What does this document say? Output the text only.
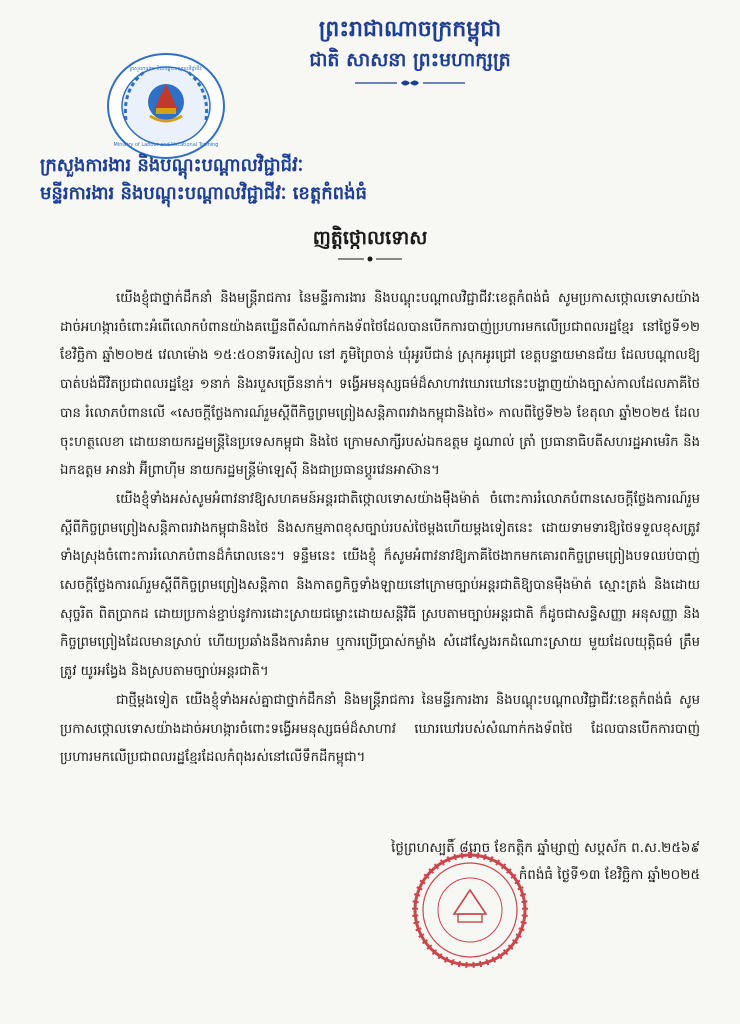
ព្រះរាជាណាចក្រកម្ពុជា
ជាតិ សាសនា ព្រះមហាក្សត្រ
Ministry of Labour and Vocational Training
ក្រសួងការងារ និងបណ្តុះបណ្តាលវិជ្ជាជីវៈ
ក្រសួងការងារ និងបណ្តុះបណ្តាលវិជ្ជាជីវៈ
មន្ទីរការងារ និងបណ្តុះបណ្តាលវិជ្ជាជីវៈ ខេត្តកំពង់ធំ
ញត្តិថ្កោលទោស

យើងខ្ញុំជាថ្នាក់ដឹកនាំ និងមន្ត្រីរាជការ នៃមន្ទីរការងារ និងបណ្តុះបណ្តាលវិជ្ជាជីវៈខេត្តកំពង់ធំ សូមប្រកាសថ្កោលទោសយ៉ាងដាច់អហង្ការចំពោះអំពើលោកបំពានយ៉ាងគឃ្លើនពីសំណាក់កងទ័ពថៃដែលបានបើកការបាញ់ប្រហារមកលើប្រជាពលរដ្ឋខ្មែរ នៅថ្ងៃទី១២ ខែវិច្ឆិកា ឆ្នាំ២០២៥ វេលាម៉ោង ១៥:៥០នាទីរសៀល នៅ ភូមិព្រៃចាន់ ឃុំអូរបីជាន់ ស្រុកអូរជ្រៅ ខេត្តបន្ទាយមានជ័យ ដែលបណ្តាលឱ្យបាត់បង់ជីវិតប្រជាពលរដ្ឋខ្មែរ ១នាក់ និងរបួសច្រើននាក់។ ទង្វើអមនុស្សធម៌ដ៏សាហាវឃោរឃៅនេះបង្ហាញយ៉ាងច្បាស់កាលដែលភាគីថៃបាន រំលោភបំពានលើ «សេចក្តីថ្លែងការណ៍រួមស្តីពីកិច្ចព្រមព្រៀងសន្តិភាពរវាងកម្ពុជានិងថៃ» កាលពីថ្ងៃទី២៦ ខែតុលា ឆ្នាំ២០២៥ ដែលចុះហត្ថលេខា ដោយនាយករដ្ឋមន្ត្រីនៃប្រទេសកម្ពុជា និងថៃ ក្រោមសាក្សីរបស់ឯកឧត្តម ដូណាល់ ត្រាំ ប្រធានាធិបតីសហរដ្ឋអាមេរិក និងឯកឧត្តម អានវ៉ា អ៊ីព្រាហ៊ីម នាយករដ្ឋមន្ត្រីម៉ាឡេស៊ី និងជាប្រធានប្តូរវេនអាស៊ាន។

យើងខ្ញុំទាំងអស់សូមអំពាវនាវឱ្យសហគមន៍អន្តរជាតិថ្កោលទោសយ៉ាងម៉ឺងម៉ាត់ ចំពោះការរំលោភបំពានសេចក្តីថ្លែងការណ៍រួមស្តីពីកិច្ចព្រមព្រៀងសន្តិភាពរវាងកម្ពុជានិងថៃ និងសកម្មភាពខុសច្បាប់របស់ថៃម្តងហើយម្តងទៀតនេះ ដោយទាមទារឱ្យថៃទទួលខុសត្រូវទាំងស្រុងចំពោះការរំលោភបំពានដ៏កំរោលនេះ។ ទន្ទឹមនេះ យើងខ្ញុំ ក៏សូមអំពាវនាវឱ្យភាគីថៃងាកមកគោរពកិច្ចព្រមព្រៀងបទឈប់បាញ់ សេចក្តីថ្លែងការណ៍រួមស្តីពីកិច្ចព្រមព្រៀងសន្តិភាព និងកាតព្វកិច្ចទាំងឡាយនៅក្រោមច្បាប់អន្តរជាតិឱ្យបានម៉ឺងម៉ាត់ ស្មោះត្រង់ និងដោយសុច្ចរិត ពិតប្រាកដ ដោយប្រកាន់ខ្ជាប់នូវការដោះស្រាយជម្លោះដោយសន្តិវិធី ស្របតាមច្បាប់អន្តរជាតិ ក៏ដូចជាសន្ធិសញ្ញា អនុសញ្ញា និងកិច្ចព្រមព្រៀងដែលមានស្រាប់ ហើយប្រឆាំងនឹងការគំរាម ឬការប្រើប្រាស់កម្លាំង សំដៅស្វែងរកដំណោះស្រាយ មួយដែលយុត្តិធម៌ ត្រឹមត្រូវ យូរអង្វែង និងស្របតាមច្បាប់អន្តរជាតិ។

ជាថ្មីម្តងទៀត យើងខ្ញុំទាំងអស់គ្នាជាថ្នាក់ដឹកនាំ និងមន្ត្រីរាជការ នៃមន្ទីរការងារ និងបណ្តុះបណ្តាលវិជ្ជាជីវៈខេត្តកំពង់ធំ សូមប្រកាសថ្កោលទោសយ៉ាងដាច់អហង្ការចំពោះទង្វើអមនុស្សធម៌ដ៏សាហាវ ឃោរឃៅរបស់សំណាក់កងទ័ពថៃ ដែលបានបើកការបាញ់ប្រហារមកលើប្រជាពលរដ្ឋខ្មែរដែលកំពុងរស់នៅលើទឹកដីកម្ពុជា។

ថ្ងៃព្រហស្បតិ៍ ៨រោច ខែកត្តិក ឆ្នាំម្សាញ់ សប្តស័ក ព.ស.២៥៦៩
កំពង់ធំ ថ្ងៃទី១៣ ខែវិច្ឆិកា ឆ្នាំ២០២៥
